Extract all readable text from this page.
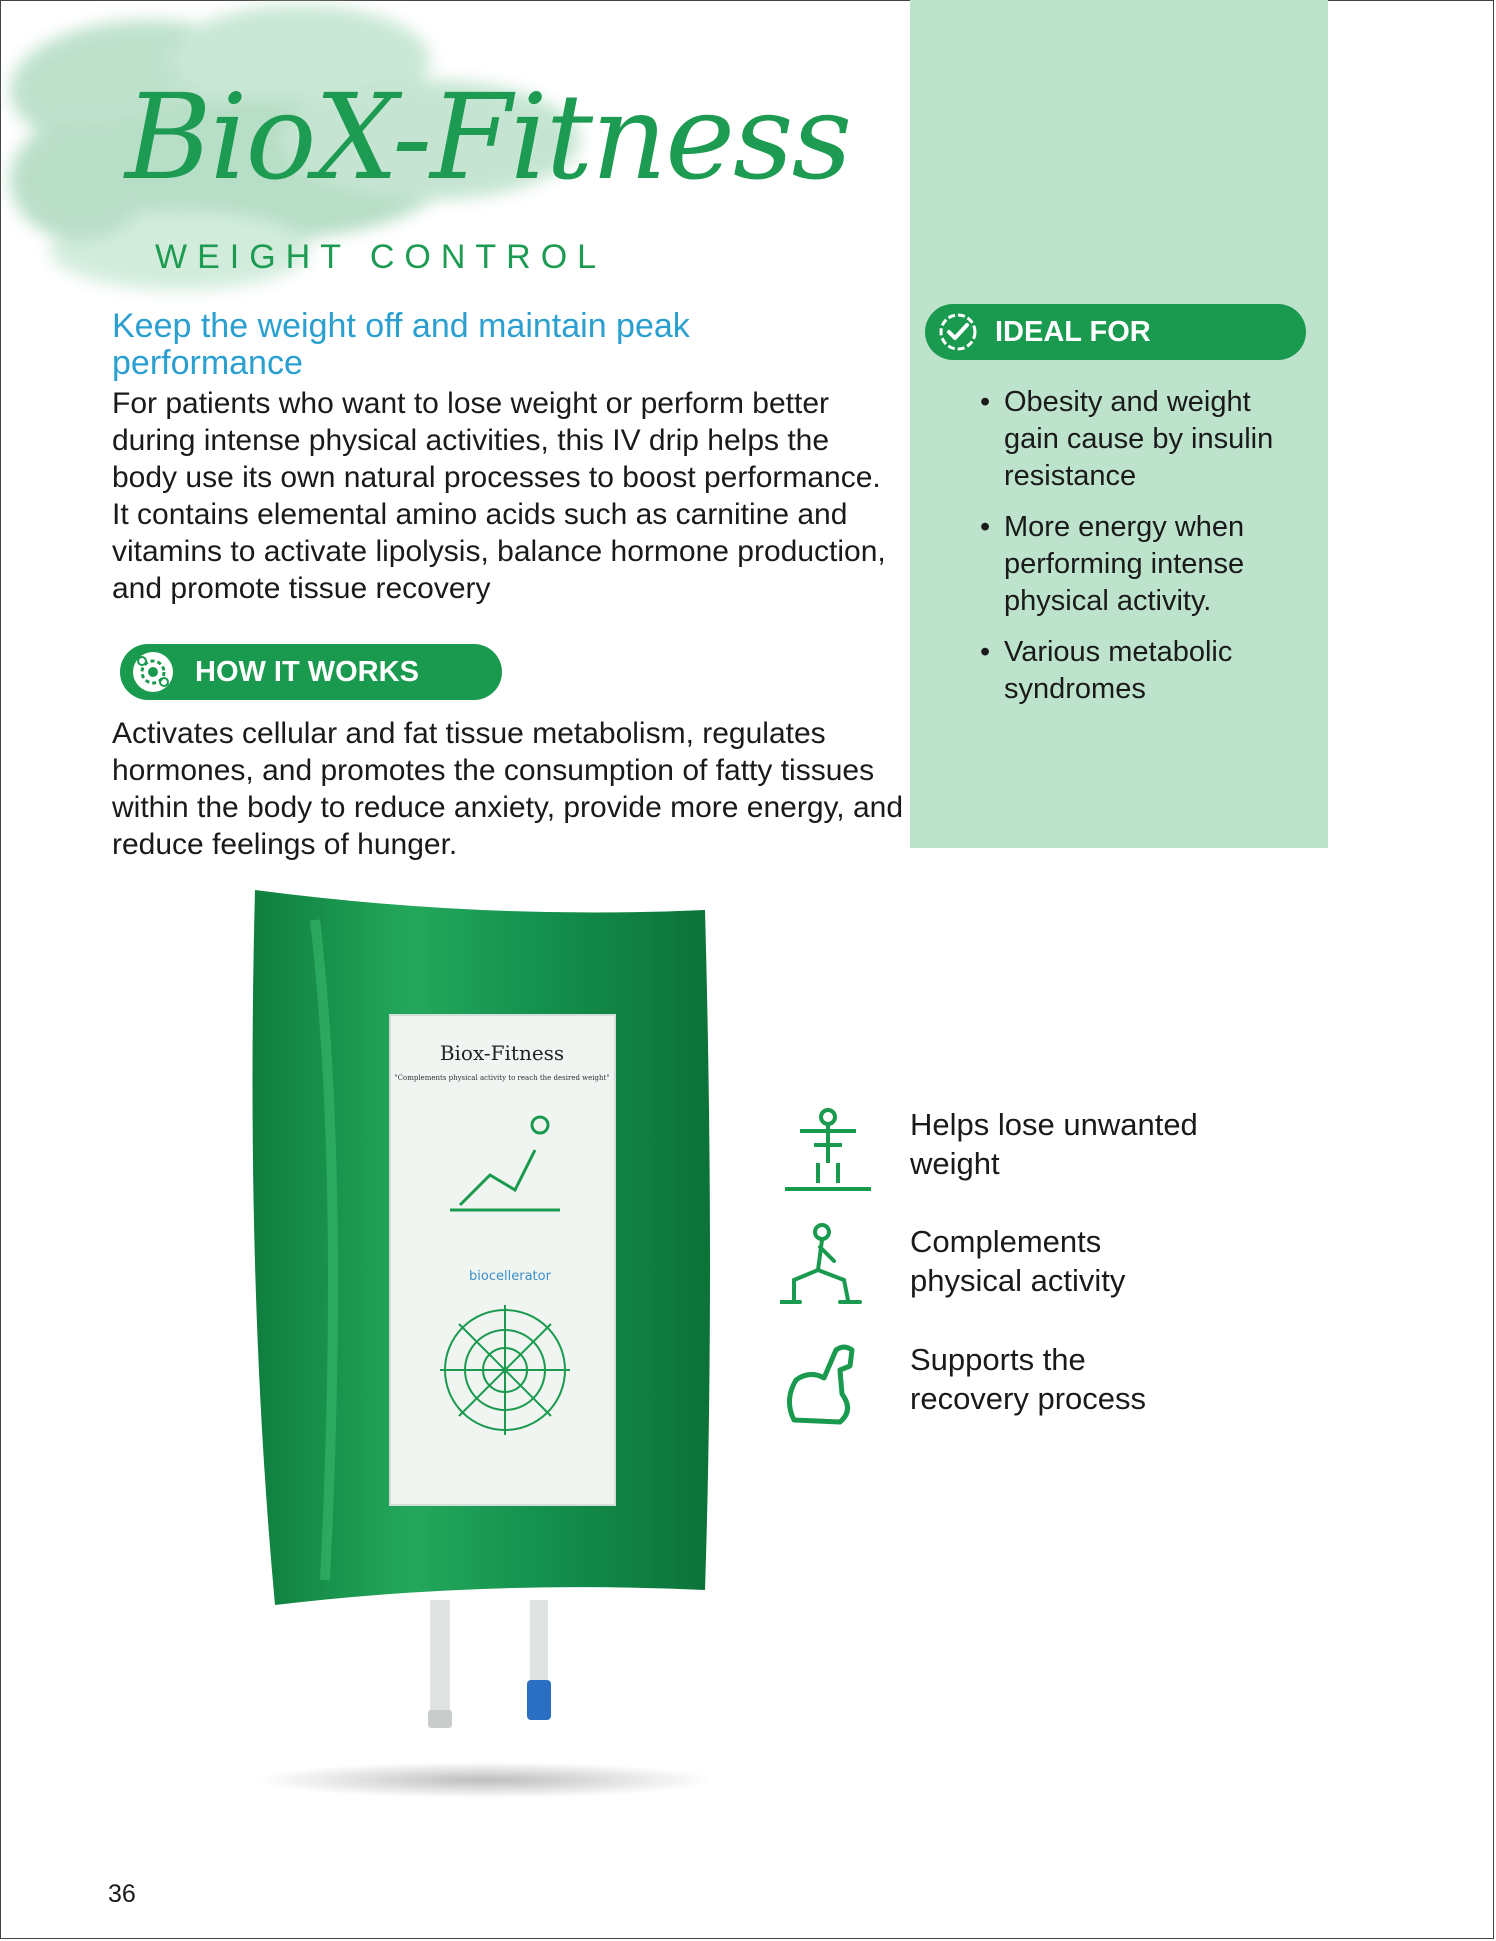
BioX-Fitness
WEIGHT CONTROL
Keep the weight off and maintain peak performance
For patients who want to lose weight or perform better during intense physical activities, this IV drip helps the body use its own natural processes to boost performance. It contains elemental amino acids such as carnitine and vitamins to activate lipolysis, balance hormone production, and promote tissue recovery
HOW IT WORKS
Activates cellular and fat tissue metabolism, regulates hormones, and promotes the consumption of fatty tissues within the body to reduce anxiety, provide more energy, and reduce feelings of hunger.
IDEAL FOR
• Obesity and weight gain cause by insulin resistance
• More energy when performing intense physical activity.
• Various metabolic syndromes
Biox-Fitness
"Complements physical activity to reach the desired weight"
biocellerator
Helps lose unwanted weight
Complements physical activity
Supports the recovery process
36
